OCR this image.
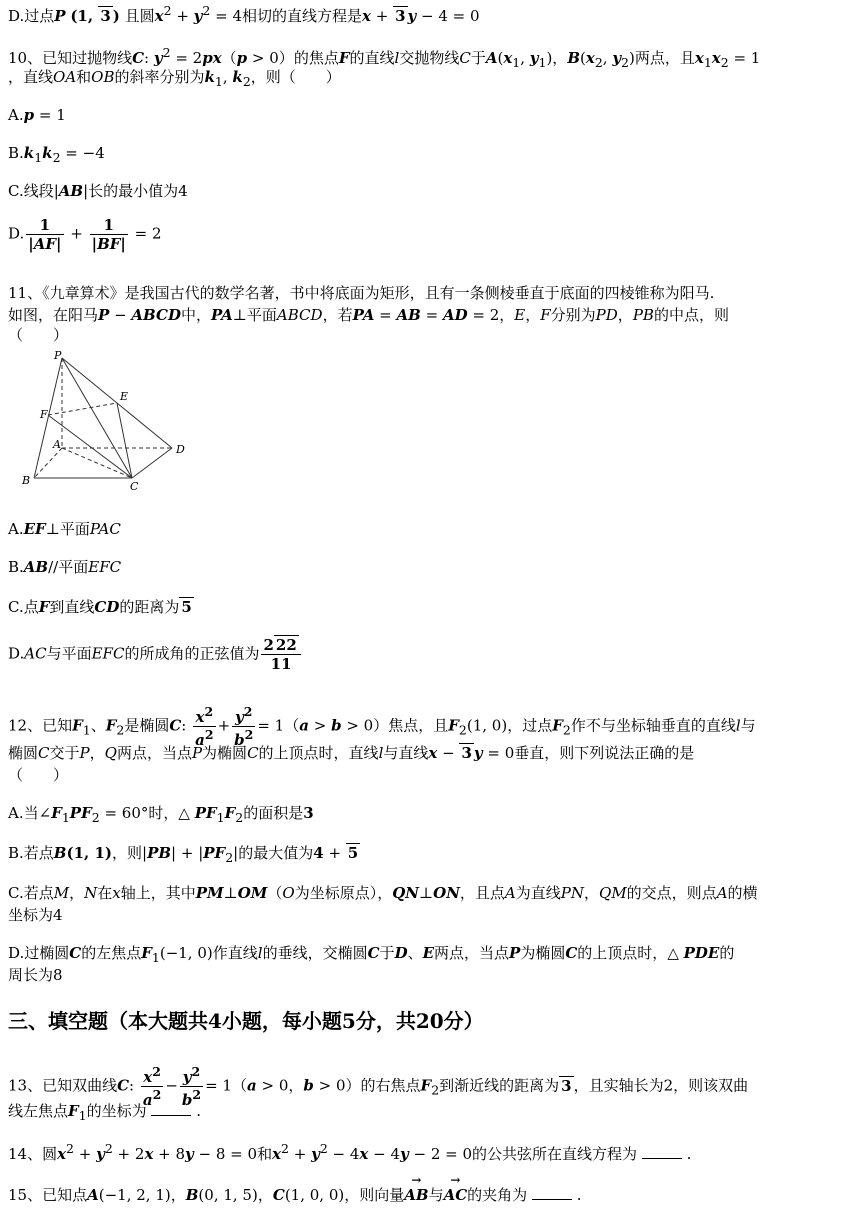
D.过点P (1, 3 ) 且圆$x^2 + y^2 = 4$相切的直线方程是x + 3 y − 4 = 0
10、已知过抛物线C: $y^2 = 2px(p > 0)$的焦点F的直线l交抛物线C于$A(x_1$, $y_1$)，$B(x_2$, $y_2$)两点，且$x_1x_2 = 1$
，直线OA和OB的斜率分别为$k_1$, $k_2$，则（　　）
A.p = 1
$B.k_1k_2 = -4$
C.线段|AB|长的最小值为4
D. $\frac{1}{|AF|} + \frac{1}{|BF|} = 2$
11、《九章算术》是我国古代的数学名著，书中将底面为矩形，且有一条侧棱垂直于底面的四棱锥称为阳马.
如图，在阳马P − ABCD中，PA⊥平面ABCD，若PA = AB = AD = 2，E，F分别为PD，PB的中点，则
（　　）
P
E
F
A	D
B	C
A.EF⊥平面PAC
B.AB//平面EFC
C.点F到直线CD的距离为 5
D.AC与平面EFC的所成角的正弦值为 $\frac{2 22}{11}$
12、已知$F_1$、$F_2$是椭圆C: $\frac{x^2}{a^2} + \frac{y^2}{b^2} = 1(a > b > 0)$焦点，且$F_2(1$, 0)，过点$F_2$作不与坐标轴垂直的直线l与
椭圆C交于P，Q两点，当点P为椭圆C的上顶点时，直线l与直线x − 3 y = 0垂直，则下列说法正确的是
（　　）
A.当$\angle F_1PF_2 = 60^\circ$时，△ $PF_1F_2$的面积是3
B.若点B(1, 1)，则$|PB| + |PF_2|$的最大值为4 + 5
C.若点M，N在x轴上，其中PM⊥OM（O为坐标原点），QN⊥ON，且点A为直线PN，QM的交点，则点A的横
坐标为4
D.过椭圆C的左焦点$F_1(-1$, 0)作直线l的垂线，交椭圆C于D、E两点，当点P为椭圆C的上顶点时，△ PDE的
周长为8
三、填空题（本大题共4小题，每小题5分，共20分）
13、已知双曲线C: $\frac{x^2}{a^2} - \frac{y^2}{b^2} = 1(a > 0$，b > 0）的右焦点$F_2$到渐近线的距离为 3 ，且实轴长为2，则该双曲
线左焦点$F_1$的坐标为	.
14、圆$x^2 + y^2 + 2x + 8y - 8 = 0$和$x^2 + y^2 - 4x - 4y - 2 = 0$的公共弦所在直线方程为	.
15、已知点A(−1, 2, 1)，B(0, 1, 5)，C(1, 0, 0)，则向量→ AB与→ AC的夹角为	.
